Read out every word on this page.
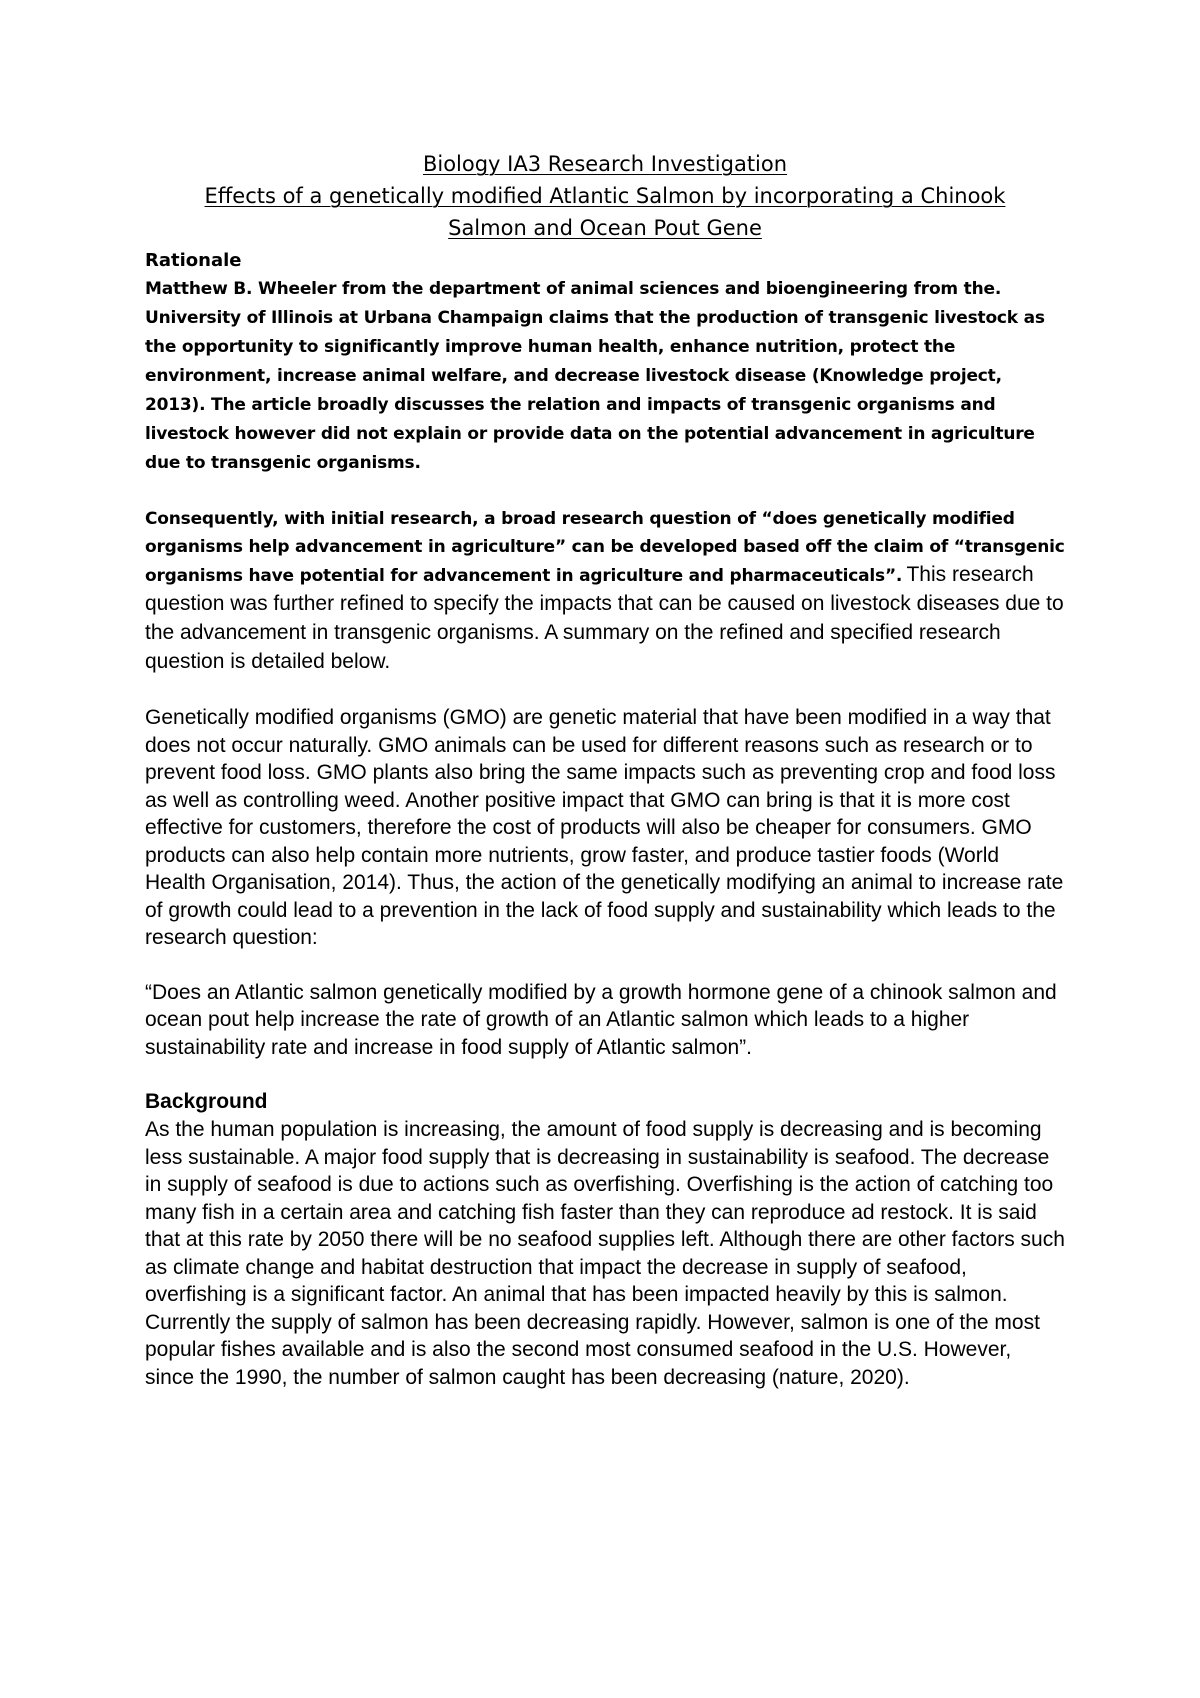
Biology IA3 Research Investigation
Effects of a genetically modified Atlantic Salmon by incorporating a Chinook
Salmon and Ocean Pout Gene
Rationale

Matthew B. Wheeler from the department of animal sciences and bioengineering from the. University of Illinois at Urbana Champaign claims that the production of transgenic livestock as the opportunity to significantly improve human health, enhance nutrition, protect the environment, increase animal welfare, and decrease livestock disease (Knowledge project, 2013). The article broadly discusses the relation and impacts of transgenic organisms and livestock however did not explain or provide data on the potential advancement in agriculture due to transgenic organisms.

Consequently, with initial research, a broad research question of “does genetically modified organisms help advancement in agriculture” can be developed based off the claim of “transgenic organisms have potential for advancement in agriculture and pharmaceuticals”. This research question was further refined to specify the impacts that can be caused on livestock diseases due to the advancement in transgenic organisms. A summary on the refined and specified research question is detailed below.

Genetically modified organisms (GMO) are genetic material that have been modified in a way that does not occur naturally. GMO animals can be used for different reasons such as research or to prevent food loss. GMO plants also bring the same impacts such as preventing crop and food loss as well as controlling weed. Another positive impact that GMO can bring is that it is more cost effective for customers, therefore the cost of products will also be cheaper for consumers. GMO products can also help contain more nutrients, grow faster, and produce tastier foods (World Health Organisation, 2014). Thus, the action of the genetically modifying an animal to increase rate of growth could lead to a prevention in the lack of food supply and sustainability which leads to the research question:

“Does an Atlantic salmon genetically modified by a growth hormone gene of a chinook salmon and ocean pout help increase the rate of growth of an Atlantic salmon which leads to a higher sustainability rate and increase in food supply of Atlantic salmon”.

Background

As the human population is increasing, the amount of food supply is decreasing and is becoming less sustainable. A major food supply that is decreasing in sustainability is seafood. The decrease in supply of seafood is due to actions such as overfishing. Overfishing is the action of catching too many fish in a certain area and catching fish faster than they can reproduce ad restock. It is said that at this rate by 2050 there will be no seafood supplies left. Although there are other factors such as climate change and habitat destruction that impact the decrease in supply of seafood, overfishing is a significant factor. An animal that has been impacted heavily by this is salmon. Currently the supply of salmon has been decreasing rapidly. However, salmon is one of the most popular fishes available and is also the second most consumed seafood in the U.S. However, since the 1990, the number of salmon caught has been decreasing (nature, 2020).
